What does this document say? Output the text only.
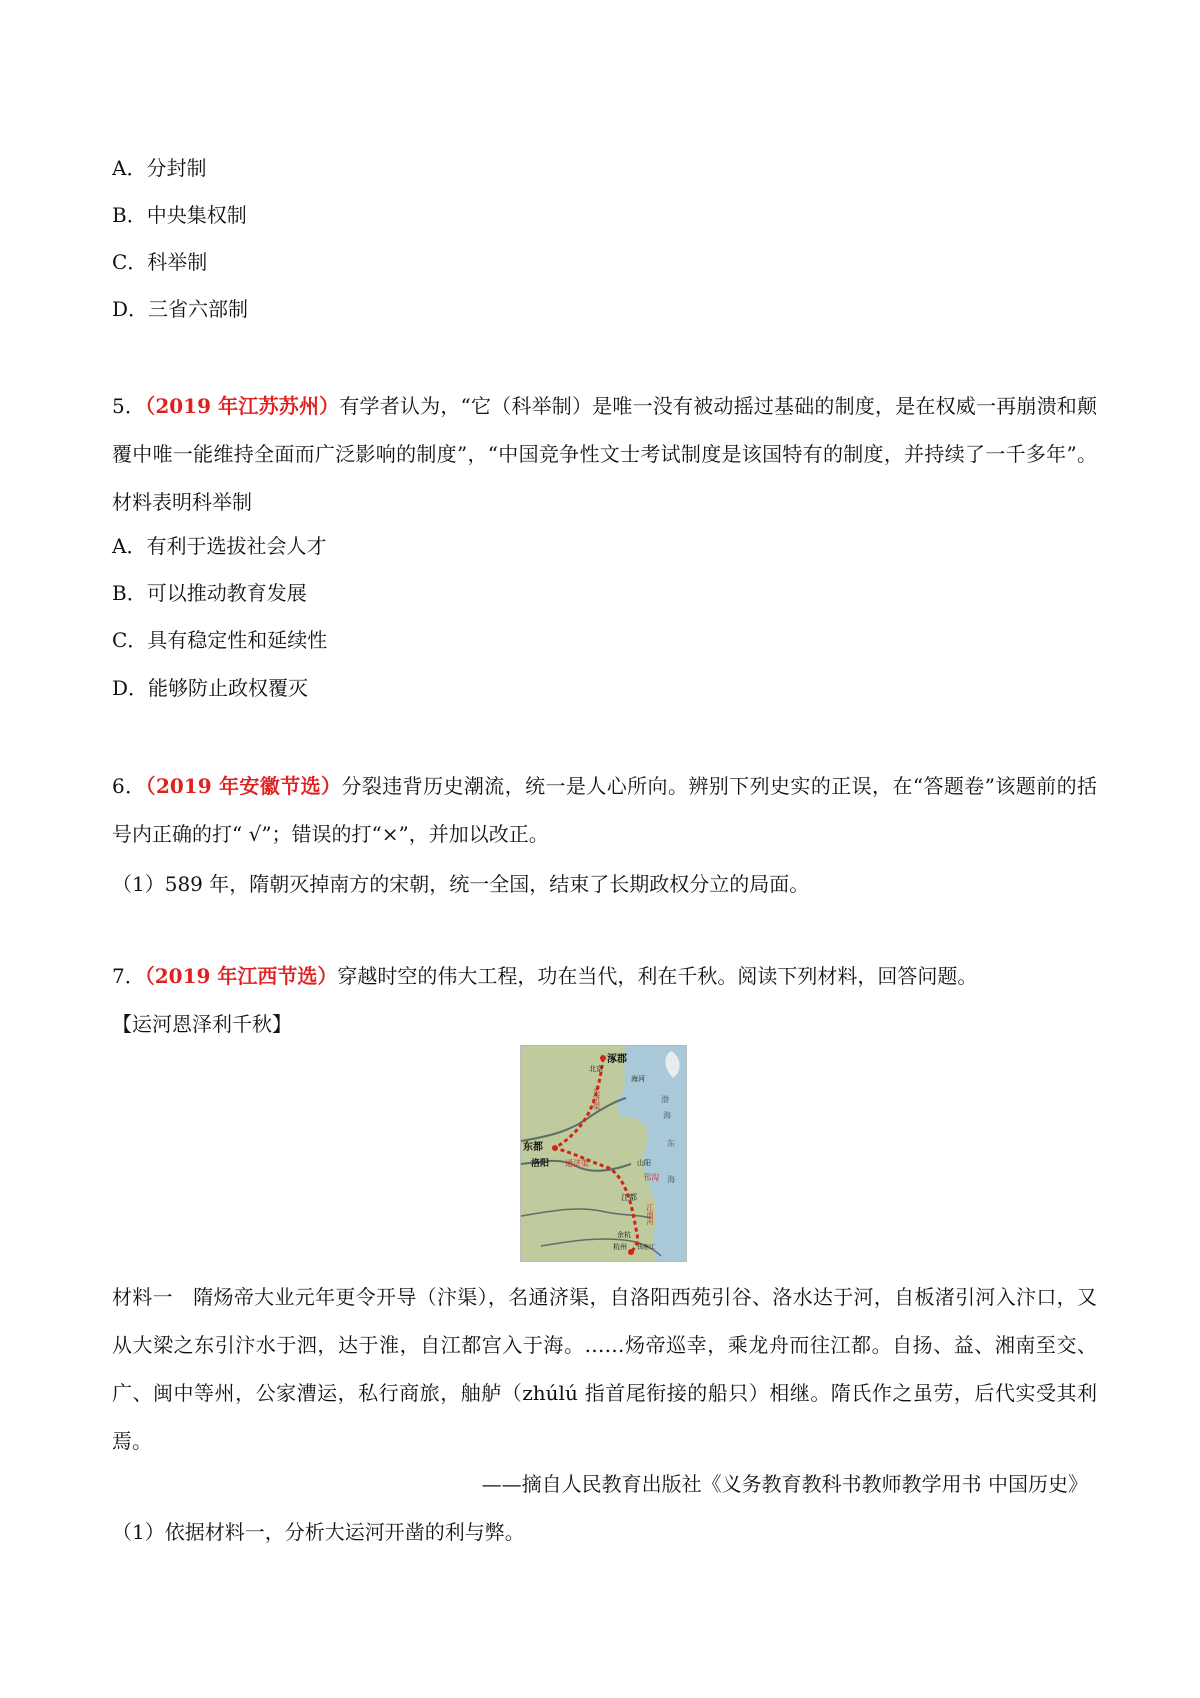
A．分封制
B．中央集权制
C．科举制
D．三省六部制
5．（2019 年江苏苏州）有学者认为，“它（科举制）是唯一没有被动摇过基础的制度，是在权威一再崩溃和颠覆中唯一能维持全面而广泛影响的制度”，“中国竞争性文士考试制度是该国特有的制度，并持续了一千多年”。材料表明科举制
A．有利于选拔社会人才
B．可以推动教育发展
C．具有稳定性和延续性
D．能够防止政权覆灭
6．（2019 年安徽节选）分裂违背历史潮流，统一是人心所向。辨别下列史实的正误，在“答题卷”该题前的括号内正确的打“ √”；错误的打“×”，并加以改正。
（1）589 年，隋朝灭掉南方的宋朝，统一全国，结束了长期政权分立的局面。
7．（2019 年江西节选）穿越时空的伟大工程，功在当代，利在千秋。阅读下列材料，回答问题。
【运河恩泽利千秋】
涿郡
北京
海河
渤
海
永济渠
东都
洛阳 通济渠	山阳
邗沟
江都
江南河
余杭
杭州
东
海
钱塘江
材料一　隋炀帝大业元年更令开导（汴渠），名通济渠，自洛阳西苑引谷、洛水达于河，自板渚引河入汴口，又从大梁之东引汴水于泗，达于淮，自江都宫入于海。……炀帝巡幸，乘龙舟而往江都。自扬、益、湘南至交、广、闽中等州，公家漕运，私行商旅，舳舻（zhúlú 指首尾衔接的船只）相继。隋氏作之虽劳，后代实受其利焉。
——摘自人民教育出版社《义务教育教科书教师教学用书 中国历史》
（1）依据材料一，分析大运河开凿的利与弊。
